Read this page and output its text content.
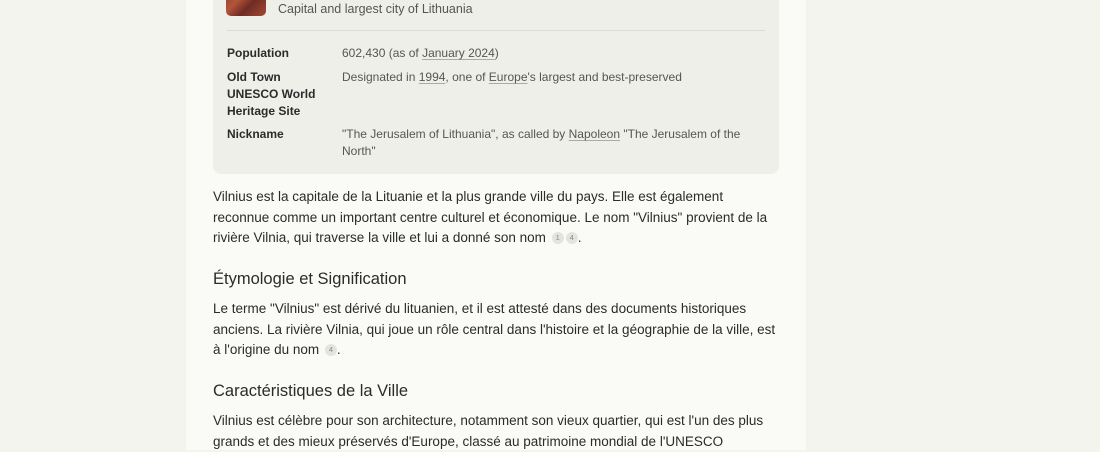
Capital and largest city of Lithuania
Population	602,430 (as of January 2024)
Old Town UNESCO World Heritage Site
Designated in 1994, one of Europe's largest and best-preserved
Nickname	"The Jerusalem of Lithuania", as called by Napoleon "The Jerusalem of the North"
Vilnius est la capitale de la Lituanie et la plus grande ville du pays. Elle est également reconnue comme un important centre culturel et économique. Le nom "Vilnius" provient de la rivière Vilnia, qui traverse la ville et lui a donné son nom 1 4 .
Étymologie et Signification
Le terme "Vilnius" est dérivé du lituanien, et il est attesté dans des documents historiques anciens. La rivière Vilnia, qui joue un rôle central dans l'histoire et la géographie de la ville, est à l'origine du nom 4 .
Caractéristiques de la Ville
Vilnius est célèbre pour son architecture, notamment son vieux quartier, qui est l'un des plus grands et des mieux préservés d'Europe, classé au patrimoine mondial de l'UNESCO
